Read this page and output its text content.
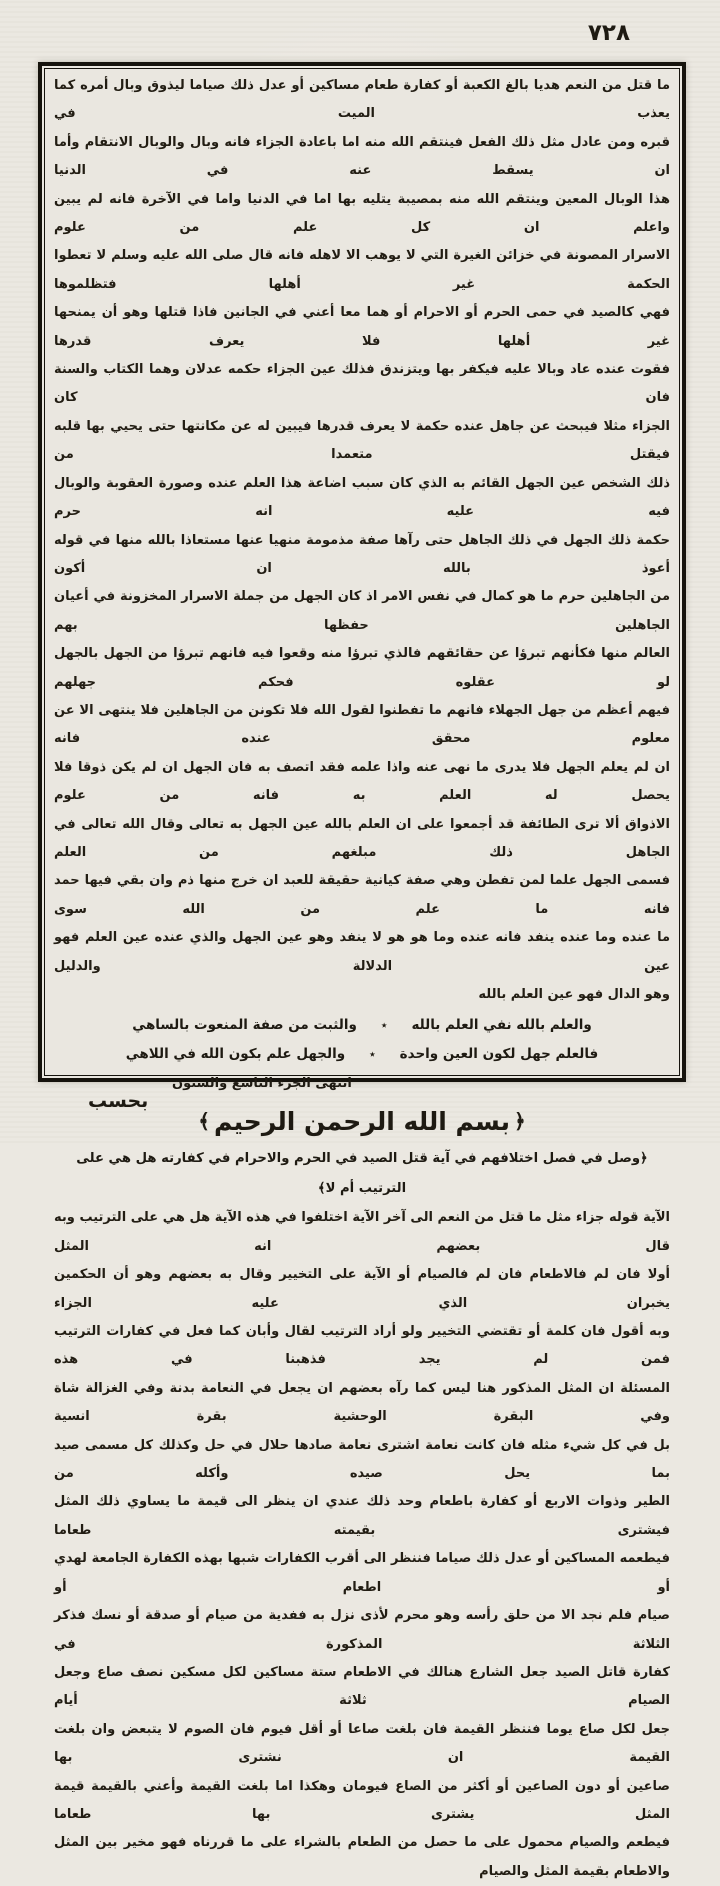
٧٢٨
ما قتل من النعم هديا بالغ الكعبة أو كفارة طعام مساكين أو عدل ذلك صياما ليذوق وبال أمره كما يعذب الميت في
قبره ومن عادل مثل ذلك الفعل فينتقم الله منه اما باعادة الجزاء فانه وبال والوبال الانتقام وأما ان يسقط عنه في الدنيا
هذا الوبال المعين وينتقم الله منه بمصيبة يتليه بها اما في الدنيا واما في الآخرة فانه لم يبين واعلم ان كل علم من علوم
الاسرار المصونة في خزائن الغيرة التي لا يوهب الا لاهله فانه قال صلى الله عليه وسلم لا تعطوا الحكمة غير أهلها فتظلموها
فهي كالصيد في حمى الحرم أو الاحرام أو هما معا أعني في الجانين فاذا قتلها وهو أن يمنحها غير أهلها فلا يعرف قدرها
فقوت عنده عاد وبالا عليه فيكفر بها ويتزندق فذلك عين الجزاء حكمه عدلان وهما الكتاب والسنة فان كان
الجزاء مثلا فيبحث عن جاهل عنده حكمة لا يعرف قدرها فيبين له عن مكانتها حتى يحيي بها قلبه فيقتل متعمدا من
ذلك الشخص عين الجهل القائم به الذي كان سبب اضاعة هذا العلم عنده وصورة العقوبة والوبال فيه عليه انه حرم
حكمة ذلك الجهل في ذلك الجاهل حتى رآها صفة مذمومة منهيا عنها مستعاذا بالله منها في قوله أعوذ بالله ان أكون
من الجاهلين حرم ما هو كمال في نفس الامر اذ كان الجهل من جملة الاسرار المخزونة في أعيان الجاهلين حفظها بهم
العالم منها فكأنهم تبرؤا عن حقائقهم فالذي تبرؤا منه وقعوا فيه فانهم تبرؤا من الجهل بالجهل لو عقلوه فحكم جهلهم
فيهم أعظم من جهل الجهلاء فانهم ما تفطنوا لقول الله فلا تكونن من الجاهلين فلا ينتهى الا عن معلوم محقق عنده فانه
ان لم يعلم الجهل فلا يدرى ما نهى عنه واذا علمه فقد اتصف به فان الجهل ان لم يكن ذوقا فلا يحصل له العلم به فانه من علوم
الاذواق ألا ترى الطائفة قد أجمعوا على ان العلم بالله عين الجهل به تعالى وقال الله تعالى في الجاهل ذلك مبلغهم من العلم
فسمى الجهل علما لمن تفطن وهي صفة كيانية حقيقة للعبد ان خرج منها ذم وان بقي فيها حمد فانه ما علم من الله سوى
ما عنده وما عنده ينفد فانه عنده وما هو هو لا ينفد وهو عين الجهل والذي عنده عين العلم فهو عين الدلالة والدليل
وهو الدال فهو عين العلم بالله
والعلم بالله نفي العلم بالله
٭
والثبت من صفة المنعوت بالساهي
فالعلم جهل لكون العين واحدة
٭
والجهل علم بكون الله في اللاهي
انتهى الجزء التاسع والستون
﴿بسم الله الرحمن الرحيم﴾
﴿وصل في فصل اختلافهم في آية قتل الصيد في الحرم والاحرام في كفارته هل هي على الترتيب أم لا﴾
الآية قوله جزاء مثل ما قتل من النعم الى آخر الآية اختلفوا في هذه الآية هل هي على الترتيب وبه قال بعضهم انه المثل
أولا فان لم فالاطعام فان لم فالصيام أو الآية على التخيير وقال به بعضهم وهو أن الحكمين يخبران الذي عليه الجزاء
وبه أقول فان كلمة أو تقتضي التخيير ولو أراد الترتيب لقال وأبان كما فعل في كفارات الترتيب فمن لم يجد فذهبنا في هذه
المسئلة ان المثل المذكور هنا ليس كما رآه بعضهم ان يجعل في النعامة بدنة وفي الغزالة شاة وفي البقرة الوحشية بقرة انسية
بل في كل شيء مثله فان كانت نعامة اشترى نعامة صادها حلال في حل وكذلك كل مسمى صيد بما يحل صيده وأكله من
الطير وذوات الاربع أو كفارة باطعام وحد ذلك عندي ان ينظر الى قيمة ما يساوي ذلك المثل فيشترى بقيمته طعاما
فيطعمه المساكين أو عدل ذلك صياما فننظر الى أقرب الكفارات شبها بهذه الكفارة الجامعة لهدي أو اطعام أو
صيام فلم نجد الا من حلق رأسه وهو محرم لأذى نزل به ففدية من صيام أو صدقة أو نسك فذكر الثلاثة المذكورة في
كفارة قاتل الصيد جعل الشارع هنالك في الاطعام ستة مساكين لكل مسكين نصف صاع وجعل الصيام ثلاثة أيام
جعل لكل صاع يوما فننظر القيمة فان بلغت صاعا أو أقل فيوم فان الصوم لا يتبعض وان بلغت القيمة ان نشترى بها
صاعين أو دون الصاعين أو أكثر من الصاع فيومان وهكذا اما بلغت القيمة وأعني بالقيمة قيمة المثل يشترى بها طعاما
فيطعم والصيام محمول على ما حصل من الطعام بالشراء على ما قررناه فهو مخير بين المثل والاطعام بقيمة المثل والصيام
بحسب
